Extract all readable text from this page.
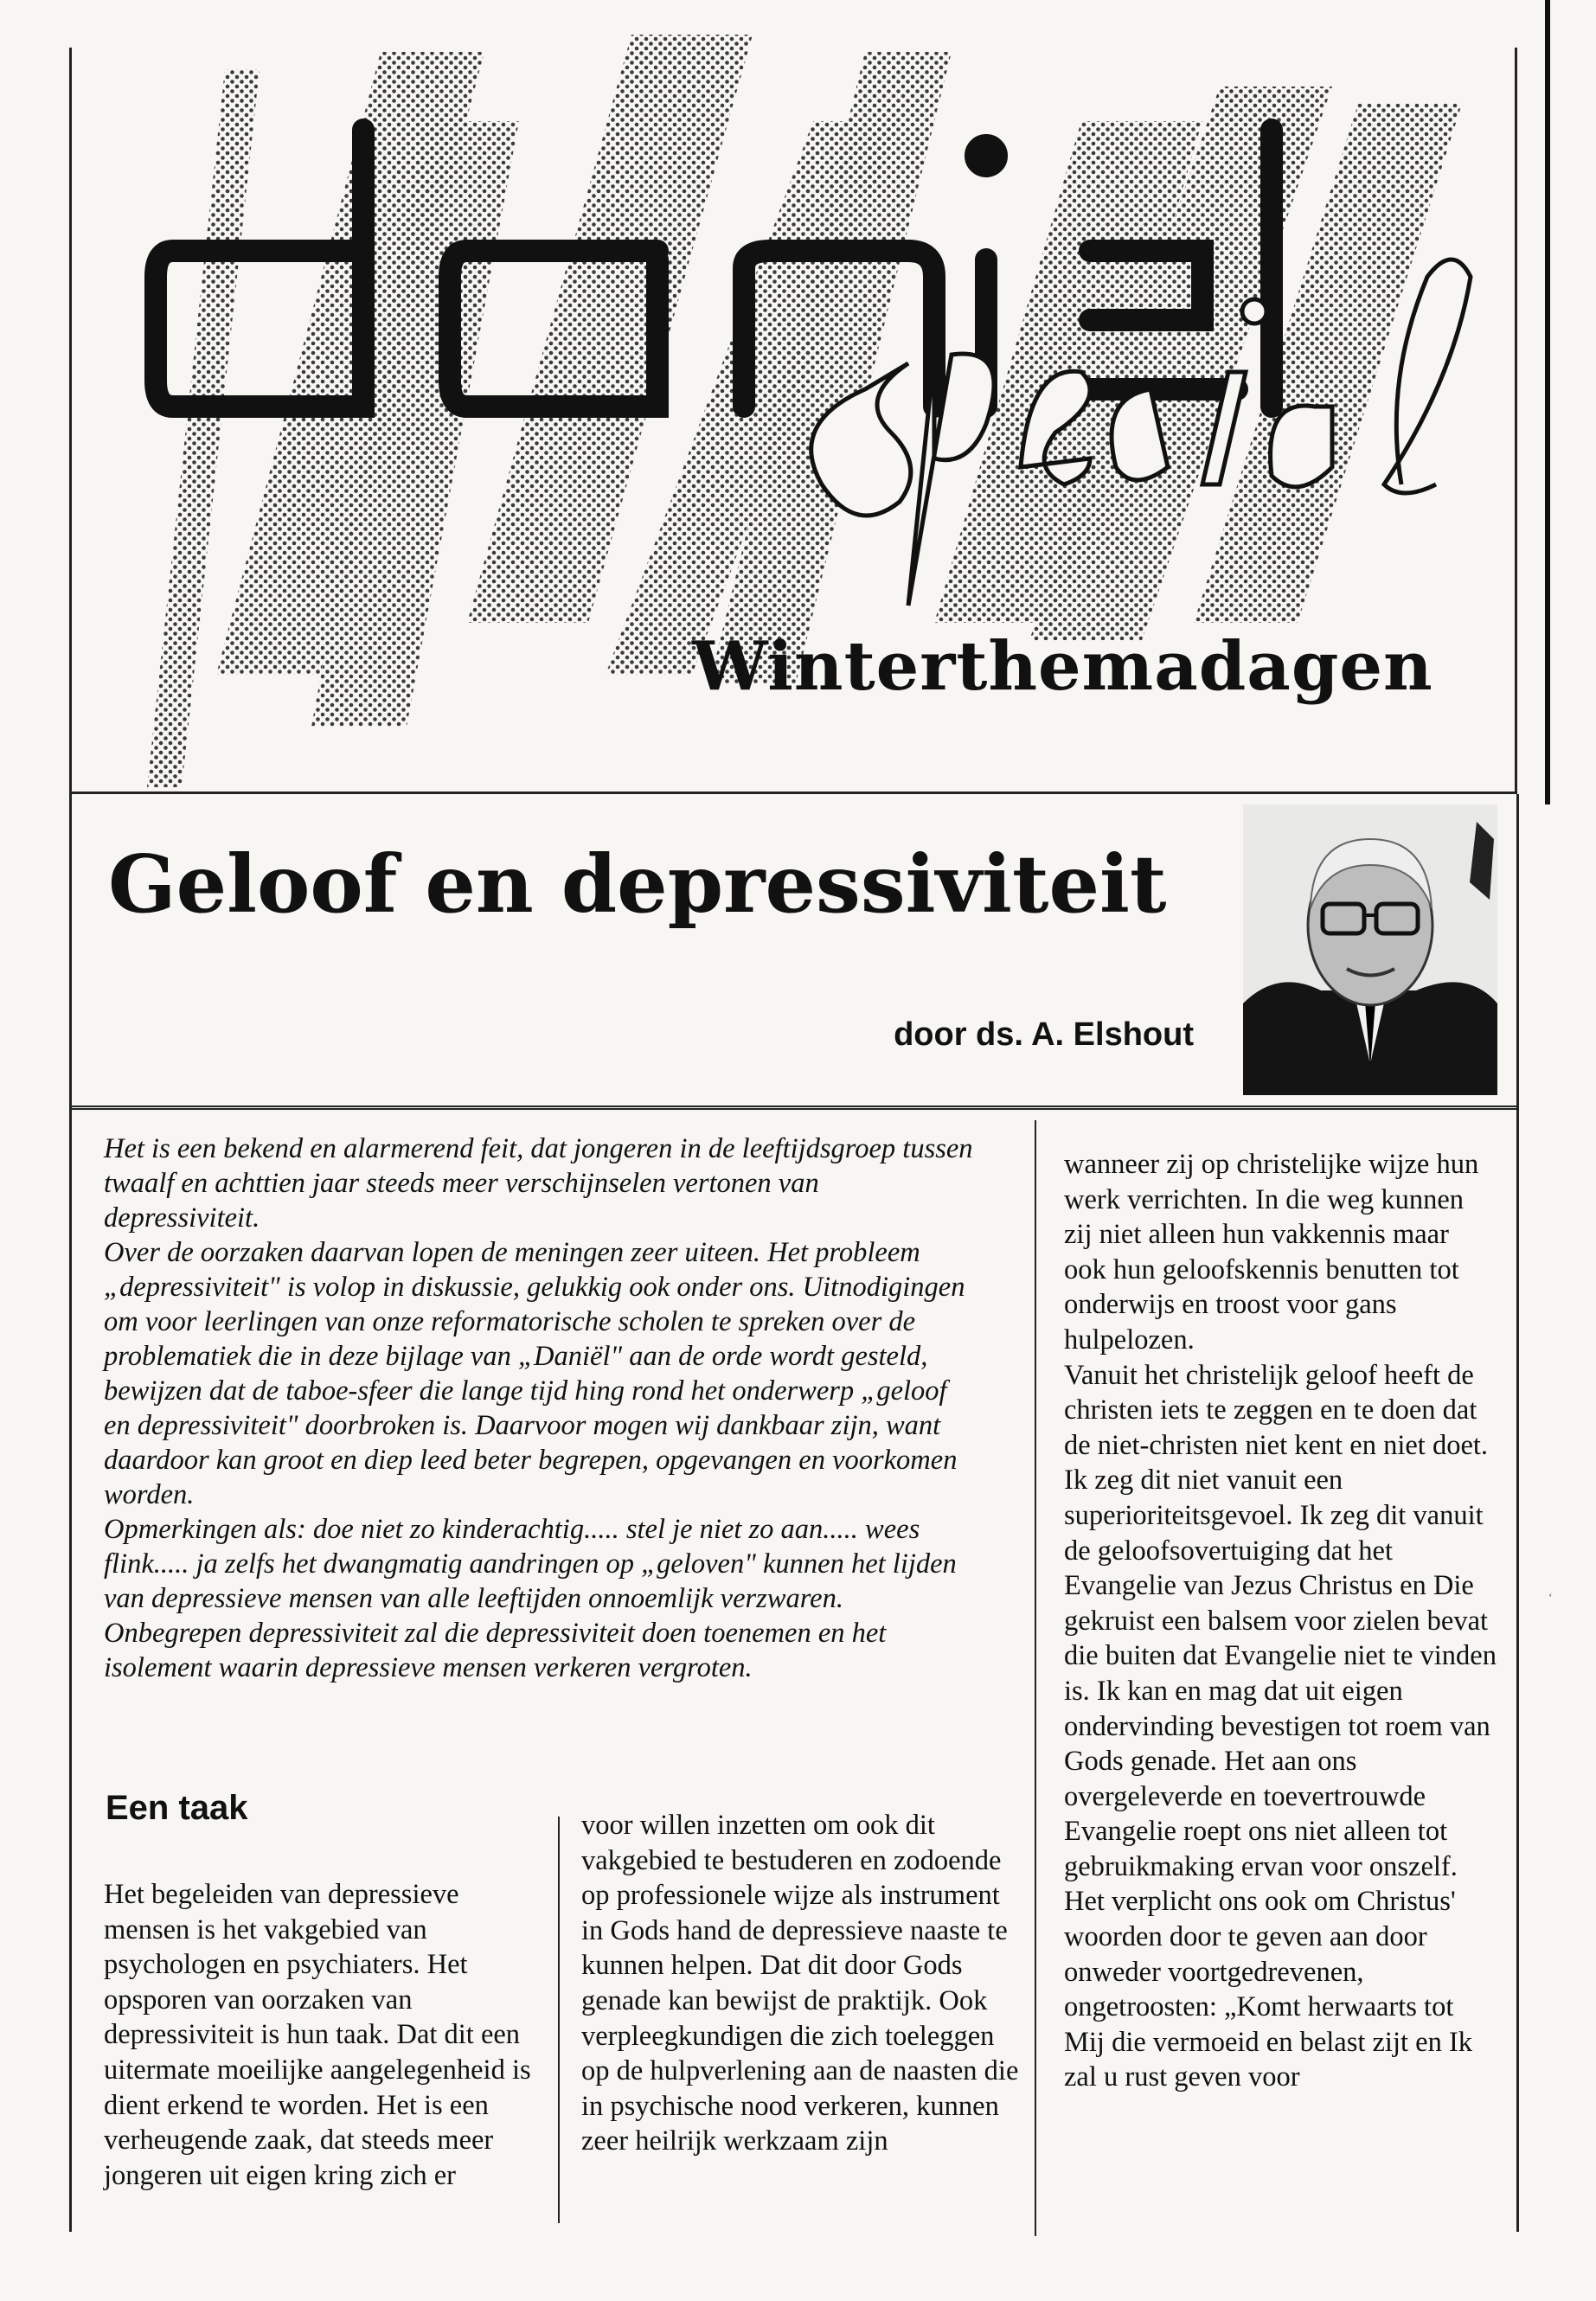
Winterthemadagen
Geloof en depressiviteit
door ds. A. Elshout

Het is een bekend en alarmerend feit, dat jongeren in de leeftijdsgroep tussen twaalf en achttien jaar steeds meer verschijnselen vertonen van depressiviteit.
Over de oorzaken daarvan lopen de meningen zeer uiteen. Het probleem „depressiviteit" is volop in diskussie, gelukkig ook onder ons. Uitnodigingen om voor leerlingen van onze reformatorische scholen te spreken over de problematiek die in deze bijlage van „Daniël" aan de orde wordt gesteld, bewijzen dat de taboe-sfeer die lange tijd hing rond het onderwerp „geloof en depressiviteit" doorbroken is. Daarvoor mogen wij dankbaar zijn, want daardoor kan groot en diep leed beter begrepen, opgevangen en voorkomen worden.
Opmerkingen als: doe niet zo kinderachtig..... stel je niet zo aan..... wees flink..... ja zelfs het dwangmatig aandringen op „geloven" kunnen het lijden van depressieve mensen van alle leeftijden onnoemlijk verzwaren. Onbegrepen depressiviteit zal die depressiviteit doen toenemen en het isolement waarin depressieve mensen verkeren vergroten.

Een taak

Het begeleiden van depressieve mensen is het vakgebied van psychologen en psychiaters. Het opsporen van oorzaken van depressiviteit is hun taak. Dat dit een uitermate moeilijke aangelegenheid is dient erkend te worden. Het is een verheugende zaak, dat steeds meer jongeren uit eigen kring zich er

voor willen inzetten om ook dit vakgebied te bestuderen en zodoende op professionele wijze als instrument in Gods hand de depressieve naaste te kunnen helpen. Dat dit door Gods genade kan bewijst de praktijk. Ook verpleegkundigen die zich toeleggen op de hulpverlening aan de naasten die in psychische nood verkeren, kunnen zeer heilrijk werkzaam zijn

wanneer zij op christelijke wijze hun werk verrichten. In die weg kunnen zij niet alleen hun vakkennis maar ook hun geloofskennis benutten tot onderwijs en troost voor gans hulpelozen.
Vanuit het christelijk geloof heeft de christen iets te zeggen en te doen dat de niet-christen niet kent en niet doet. Ik zeg dit niet vanuit een superioriteitsgevoel. Ik zeg dit vanuit de geloofsovertuiging dat het Evangelie van Jezus Christus en Die gekruist een balsem voor zielen bevat die buiten dat Evangelie niet te vinden is. Ik kan en mag dat uit eigen ondervinding bevestigen tot roem van Gods genade. Het aan ons overgeleverde en toevertrouwde Evangelie roept ons niet alleen tot gebruikmaking ervan voor onszelf. Het verplicht ons ook om Christus' woorden door te geven aan door onweder voortgedrevenen, ongetroosten: „Komt herwaarts tot Mij die vermoeid en belast zijt en Ik zal u rust geven voor

ʻ
